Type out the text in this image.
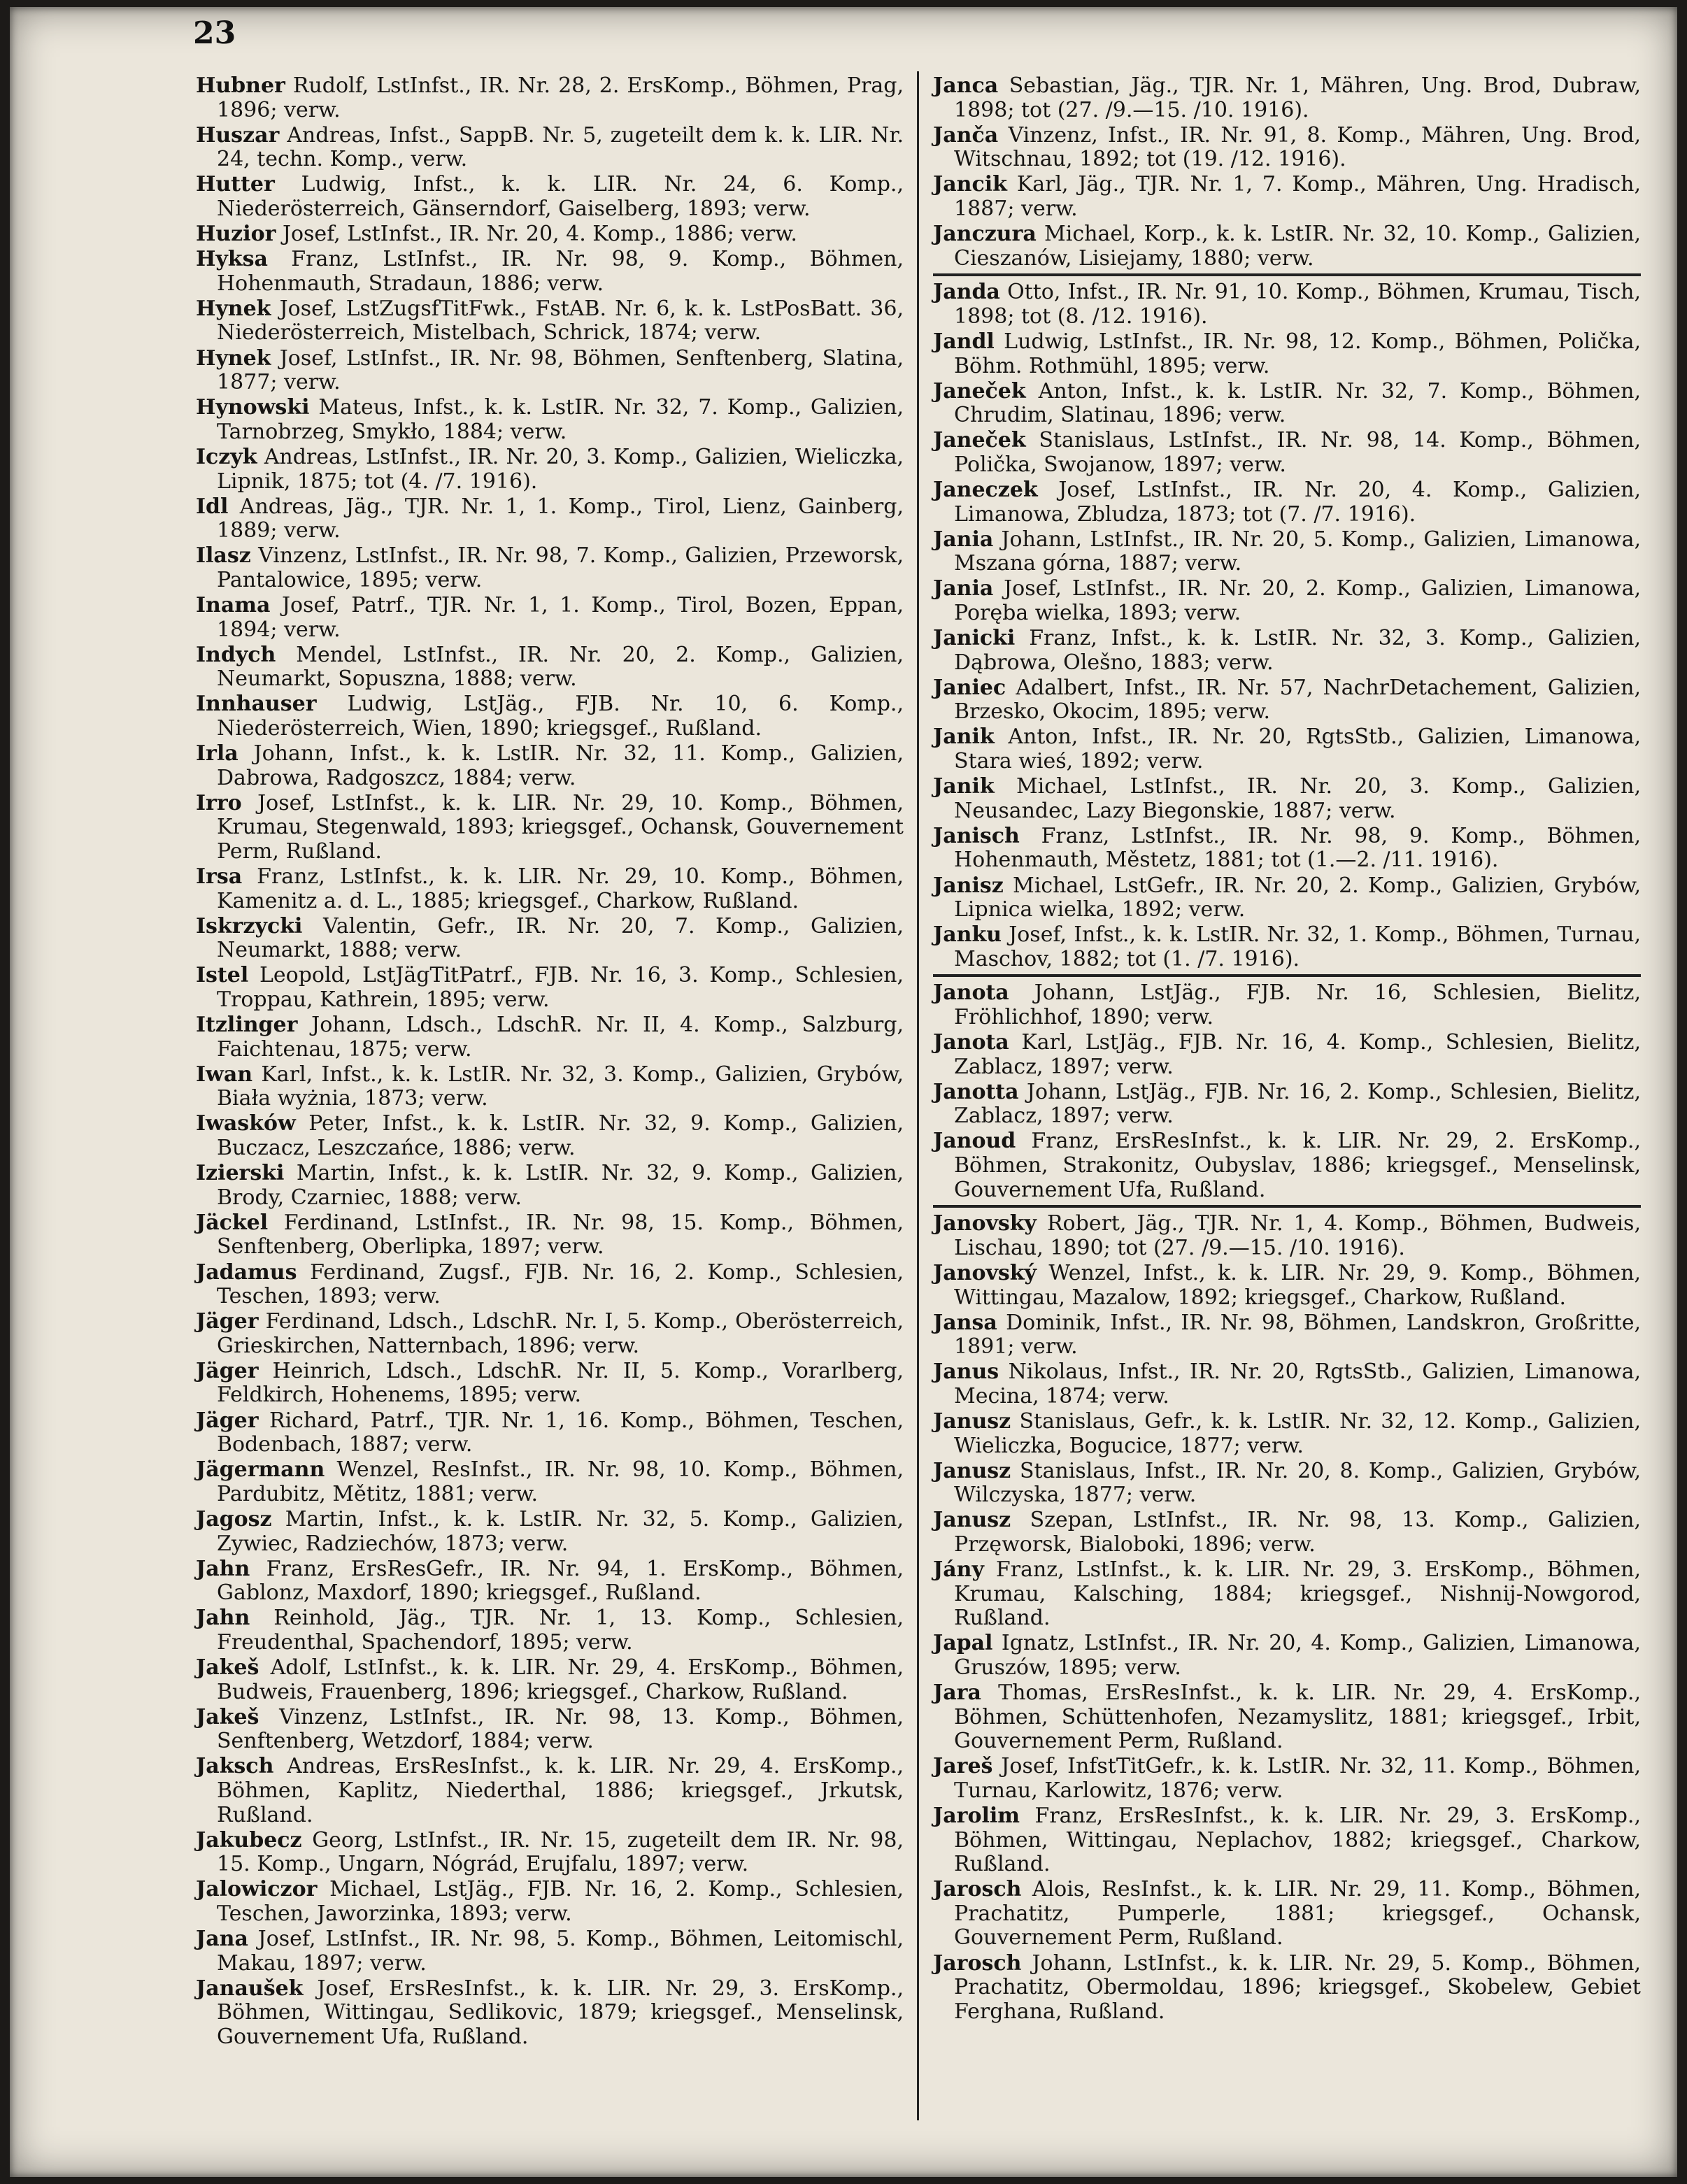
23

Hubner Rudolf, LstInfst., IR. Nr. 28, 2. ErsKomp., Böhmen, Prag, 1896; verw.

Huszar Andreas, Infst., SappB. Nr. 5, zugeteilt dem k. k. LIR. Nr. 24, techn. Komp., verw.

Hutter Ludwig, Infst., k. k. LIR. Nr. 24, 6. Komp., Niederösterreich, Gänserndorf, Gaiselberg, 1893; verw.

Huzior Josef, LstInfst., IR. Nr. 20, 4. Komp., 1886; verw.

Hyksa Franz, LstInfst., IR. Nr. 98, 9. Komp., Böhmen, Hohenmauth, Stradaun, 1886; verw.

Hynek Josef, LstZugsfTitFwk., FstAB. Nr. 6, k. k. LstPosBatt. 36, Niederösterreich, Mistelbach, Schrick, 1874; verw.

Hynek Josef, LstInfst., IR. Nr. 98, Böhmen, Senftenberg, Slatina, 1877; verw.

Hynowski Mateus, Infst., k. k. LstIR. Nr. 32, 7. Komp., Galizien, Tarnobrzeg, Smykło, 1884; verw.

Iczyk Andreas, LstInfst., IR. Nr. 20, 3. Komp., Galizien, Wieliczka, Lipnik, 1875; tot (4. /7. 1916).

Idl Andreas, Jäg., TJR. Nr. 1, 1. Komp., Tirol, Lienz, Gainberg, 1889; verw.

Ilasz Vinzenz, LstInfst., IR. Nr. 98, 7. Komp., Galizien, Przeworsk, Pantalowice, 1895; verw.

Inama Josef, Patrf., TJR. Nr. 1, 1. Komp., Tirol, Bozen, Eppan, 1894; verw.

Indych Mendel, LstInfst., IR. Nr. 20, 2. Komp., Galizien, Neumarkt, Sopuszna, 1888; verw.

Innhauser Ludwig, LstJäg., FJB. Nr. 10, 6. Komp., Niederösterreich, Wien, 1890; kriegsgef., Rußland.

Irla Johann, Infst., k. k. LstIR. Nr. 32, 11. Komp., Galizien, Dabrowa, Radgoszcz, 1884; verw.

Irro Josef, LstInfst., k. k. LIR. Nr. 29, 10. Komp., Böhmen, Krumau, Stegenwald, 1893; kriegsgef., Ochansk, Gouvernement Perm, Rußland.

Irsa Franz, LstInfst., k. k. LIR. Nr. 29, 10. Komp., Böhmen, Kamenitz a. d. L., 1885; kriegsgef., Charkow, Rußland.

Iskrzycki Valentin, Gefr., IR. Nr. 20, 7. Komp., Galizien, Neumarkt, 1888; verw.

Istel Leopold, LstJägTitPatrf., FJB. Nr. 16, 3. Komp., Schlesien, Troppau, Kathrein, 1895; verw.

Itzlinger Johann, Ldsch., LdschR. Nr. II, 4. Komp., Salzburg, Faichtenau, 1875; verw.

Iwan Karl, Infst., k. k. LstIR. Nr. 32, 3. Komp., Galizien, Grybów, Biała wyżnia, 1873; verw.

Iwasków Peter, Infst., k. k. LstIR. Nr. 32, 9. Komp., Galizien, Buczacz, Leszczańce, 1886; verw.

Izierski Martin, Infst., k. k. LstIR. Nr. 32, 9. Komp., Galizien, Brody, Czarniec, 1888; verw.

Jäckel Ferdinand, LstInfst., IR. Nr. 98, 15. Komp., Böhmen, Senftenberg, Oberlipka, 1897; verw.

Jadamus Ferdinand, Zugsf., FJB. Nr. 16, 2. Komp., Schlesien, Teschen, 1893; verw.

Jäger Ferdinand, Ldsch., LdschR. Nr. I, 5. Komp., Oberösterreich, Grieskirchen, Natternbach, 1896; verw.

Jäger Heinrich, Ldsch., LdschR. Nr. II, 5. Komp., Vorarlberg, Feldkirch, Hohenems, 1895; verw.

Jäger Richard, Patrf., TJR. Nr. 1, 16. Komp., Böhmen, Teschen, Bodenbach, 1887; verw.

Jägermann Wenzel, ResInfst., IR. Nr. 98, 10. Komp., Böhmen, Pardubitz, Mětitz, 1881; verw.

Jagosz Martin, Infst., k. k. LstIR. Nr. 32, 5. Komp., Galizien, Zywiec, Radziechów, 1873; verw.

Jahn Franz, ErsResGefr., IR. Nr. 94, 1. ErsKomp., Böhmen, Gablonz, Maxdorf, 1890; kriegsgef., Rußland.

Jahn Reinhold, Jäg., TJR. Nr. 1, 13. Komp., Schlesien, Freudenthal, Spachendorf, 1895; verw.

Jakeš Adolf, LstInfst., k. k. LIR. Nr. 29, 4. ErsKomp., Böhmen, Budweis, Frauenberg, 1896; kriegsgef., Charkow, Rußland.

Jakeš Vinzenz, LstInfst., IR. Nr. 98, 13. Komp., Böhmen, Senftenberg, Wetzdorf, 1884; verw.

Jaksch Andreas, ErsResInfst., k. k. LIR. Nr. 29, 4. ErsKomp., Böhmen, Kaplitz, Niederthal, 1886; kriegsgef., Jrkutsk, Rußland.

Jakubecz Georg, LstInfst., IR. Nr. 15, zugeteilt dem IR. Nr. 98, 15. Komp., Ungarn, Nógrád, Erujfalu, 1897; verw.

Jalowiczor Michael, LstJäg., FJB. Nr. 16, 2. Komp., Schlesien, Teschen, Jaworzinka, 1893; verw.

Jana Josef, LstInfst., IR. Nr. 98, 5. Komp., Böhmen, Leitomischl, Makau, 1897; verw.

Janaušek Josef, ErsResInfst., k. k. LIR. Nr. 29, 3. ErsKomp., Böhmen, Wittingau, Sedlikovic, 1879; kriegsgef., Menselinsk, Gouvernement Ufa, Rußland.

Janca Sebastian, Jäg., TJR. Nr. 1, Mähren, Ung. Brod, Dubraw, 1898; tot (27. /9.—15. /10. 1916).

Janča Vinzenz, Infst., IR. Nr. 91, 8. Komp., Mähren, Ung. Brod, Witschnau, 1892; tot (19. /12. 1916).

Jancik Karl, Jäg., TJR. Nr. 1, 7. Komp., Mähren, Ung. Hradisch, 1887; verw.

Janczura Michael, Korp., k. k. LstIR. Nr. 32, 10. Komp., Galizien, Cieszanów, Lisiejamy, 1880; verw.

Janda Otto, Infst., IR. Nr. 91, 10. Komp., Böhmen, Krumau, Tisch, 1898; tot (8. /12. 1916).

Jandl Ludwig, LstInfst., IR. Nr. 98, 12. Komp., Böhmen, Polička, Böhm. Rothmühl, 1895; verw.

Janeček Anton, Infst., k. k. LstIR. Nr. 32, 7. Komp., Böhmen, Chrudim, Slatinau, 1896; verw.

Janeček Stanislaus, LstInfst., IR. Nr. 98, 14. Komp., Böhmen, Polička, Swojanow, 1897; verw.

Janeczek Josef, LstInfst., IR. Nr. 20, 4. Komp., Galizien, Limanowa, Zbludza, 1873; tot (7. /7. 1916).

Jania Johann, LstInfst., IR. Nr. 20, 5. Komp., Galizien, Limanowa, Mszana górna, 1887; verw.

Jania Josef, LstInfst., IR. Nr. 20, 2. Komp., Galizien, Limanowa, Poręba wielka, 1893; verw.

Janicki Franz, Infst., k. k. LstIR. Nr. 32, 3. Komp., Galizien, Dąbrowa, Olešno, 1883; verw.

Janiec Adalbert, Infst., IR. Nr. 57, NachrDetachement, Galizien, Brzesko, Okocim, 1895; verw.

Janik Anton, Infst., IR. Nr. 20, RgtsStb., Galizien, Limanowa, Stara wieś, 1892; verw.

Janik Michael, LstInfst., IR. Nr. 20, 3. Komp., Galizien, Neusandec, Lazy Biegonskie, 1887; verw.

Janisch Franz, LstInfst., IR. Nr. 98, 9. Komp., Böhmen, Hohenmauth, Městetz, 1881; tot (1.—2. /11. 1916).

Janisz Michael, LstGefr., IR. Nr. 20, 2. Komp., Galizien, Grybów, Lipnica wielka, 1892; verw.

Janku Josef, Infst., k. k. LstIR. Nr. 32, 1. Komp., Böhmen, Turnau, Maschov, 1882; tot (1. /7. 1916).

Janota Johann, LstJäg., FJB. Nr. 16, Schlesien, Bielitz, Fröhlichhof, 1890; verw.

Janota Karl, LstJäg., FJB. Nr. 16, 4. Komp., Schlesien, Bielitz, Zablacz, 1897; verw.

Janotta Johann, LstJäg., FJB. Nr. 16, 2. Komp., Schlesien, Bielitz, Zablacz, 1897; verw.

Janoud Franz, ErsResInfst., k. k. LIR. Nr. 29, 2. ErsKomp., Böhmen, Strakonitz, Oubyslav, 1886; kriegsgef., Menselinsk, Gouvernement Ufa, Rußland.

Janovsky Robert, Jäg., TJR. Nr. 1, 4. Komp., Böhmen, Budweis, Lischau, 1890; tot (27. /9.—15. /10. 1916).

Janovský Wenzel, Infst., k. k. LIR. Nr. 29, 9. Komp., Böhmen, Wittingau, Mazalow, 1892; kriegsgef., Charkow, Rußland.

Jansa Dominik, Infst., IR. Nr. 98, Böhmen, Landskron, Großritte, 1891; verw.

Janus Nikolaus, Infst., IR. Nr. 20, RgtsStb., Galizien, Limanowa, Mecina, 1874; verw.

Janusz Stanislaus, Gefr., k. k. LstIR. Nr. 32, 12. Komp., Galizien, Wieliczka, Bogucice, 1877; verw.

Janusz Stanislaus, Infst., IR. Nr. 20, 8. Komp., Galizien, Grybów, Wilczyska, 1877; verw.

Janusz Szepan, LstInfst., IR. Nr. 98, 13. Komp., Galizien, Przęworsk, Bialoboki, 1896; verw.

Jány Franz, LstInfst., k. k. LIR. Nr. 29, 3. ErsKomp., Böhmen, Krumau, Kalsching, 1884; kriegsgef., Nishnij-Nowgorod, Rußland.

Japal Ignatz, LstInfst., IR. Nr. 20, 4. Komp., Galizien, Limanowa, Gruszów, 1895; verw.

Jara Thomas, ErsResInfst., k. k. LIR. Nr. 29, 4. ErsKomp., Böhmen, Schüttenhofen, Nezamyslitz, 1881; kriegsgef., Irbit, Gouvernement Perm, Rußland.

Jareš Josef, InfstTitGefr., k. k. LstIR. Nr. 32, 11. Komp., Böhmen, Turnau, Karlowitz, 1876; verw.

Jarolim Franz, ErsResInfst., k. k. LIR. Nr. 29, 3. ErsKomp., Böhmen, Wittingau, Neplachov, 1882; kriegsgef., Charkow, Rußland.

Jarosch Alois, ResInfst., k. k. LIR. Nr. 29, 11. Komp., Böhmen, Prachatitz, Pumperle, 1881; kriegsgef., Ochansk, Gouvernement Perm, Rußland.

Jarosch Johann, LstInfst., k. k. LIR. Nr. 29, 5. Komp., Böhmen, Prachatitz, Obermoldau, 1896; kriegsgef., Skobelew, Gebiet Ferghana, Rußland.
